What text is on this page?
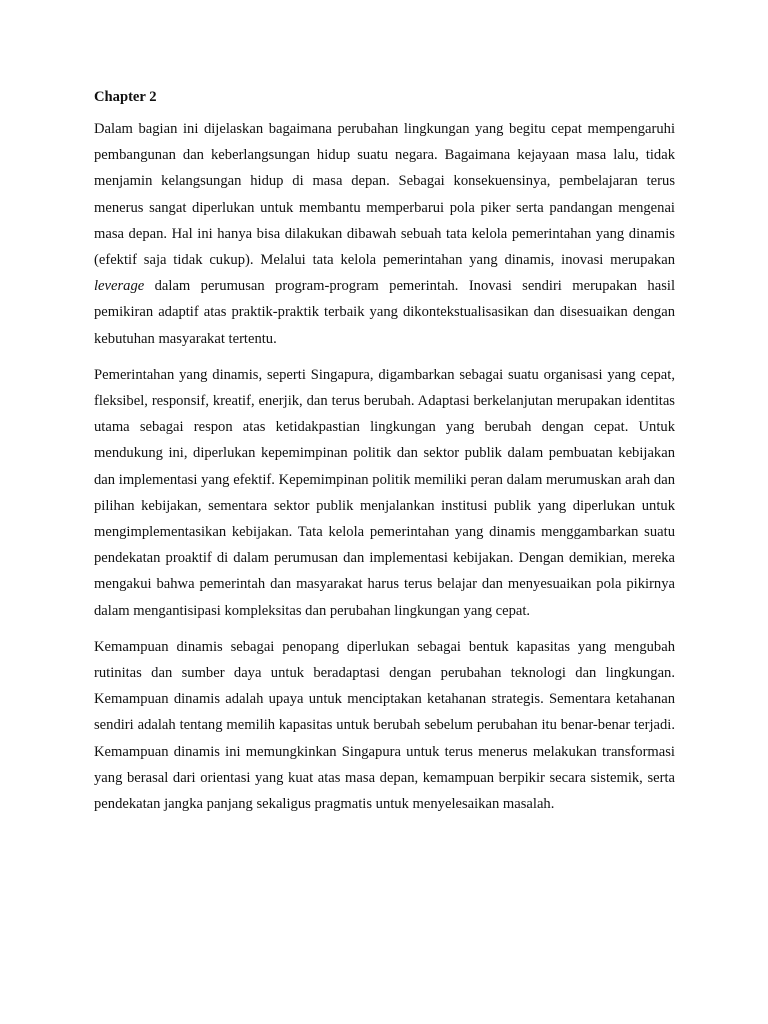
Chapter 2

Dalam bagian ini dijelaskan bagaimana perubahan lingkungan yang begitu cepat mempengaruhi pembangunan dan keberlangsungan hidup suatu negara. Bagaimana kejayaan masa lalu, tidak menjamin kelangsungan hidup di masa depan. Sebagai konsekuensinya, pembelajaran terus menerus sangat diperlukan untuk membantu memperbarui pola piker serta pandangan mengenai masa depan. Hal ini hanya bisa dilakukan dibawah sebuah tata kelola pemerintahan yang dinamis (efektif saja tidak cukup). Melalui tata kelola pemerintahan yang dinamis, inovasi merupakan leverage dalam perumusan program-program pemerintah. Inovasi sendiri merupakan hasil pemikiran adaptif atas praktik-praktik terbaik yang dikontekstualisasikan dan disesuaikan dengan kebutuhan masyarakat tertentu.

Pemerintahan yang dinamis, seperti Singapura, digambarkan sebagai suatu organisasi yang cepat, fleksibel, responsif, kreatif, enerjik, dan terus berubah. Adaptasi berkelanjutan merupakan identitas utama sebagai respon atas ketidakpastian lingkungan yang berubah dengan cepat. Untuk mendukung ini, diperlukan kepemimpinan politik dan sektor publik dalam pembuatan kebijakan dan implementasi yang efektif. Kepemimpinan politik memiliki peran dalam merumuskan arah dan pilihan kebijakan, sementara sektor publik menjalankan institusi publik yang diperlukan untuk mengimplementasikan kebijakan. Tata kelola pemerintahan yang dinamis menggambarkan suatu pendekatan proaktif di dalam perumusan dan implementasi kebijakan. Dengan demikian, mereka mengakui bahwa pemerintah dan masyarakat harus terus belajar dan menyesuaikan pola pikirnya dalam mengantisipasi kompleksitas dan perubahan lingkungan yang cepat.

Kemampuan dinamis sebagai penopang diperlukan sebagai bentuk kapasitas yang mengubah rutinitas dan sumber daya untuk beradaptasi dengan perubahan teknologi dan lingkungan. Kemampuan dinamis adalah upaya untuk menciptakan ketahanan strategis. Sementara ketahanan sendiri adalah tentang memilih kapasitas untuk berubah sebelum perubahan itu benar-benar terjadi. Kemampuan dinamis ini memungkinkan Singapura untuk terus menerus melakukan transformasi yang berasal dari orientasi yang kuat atas masa depan, kemampuan berpikir secara sistemik, serta pendekatan jangka panjang sekaligus pragmatis untuk menyelesaikan masalah.
